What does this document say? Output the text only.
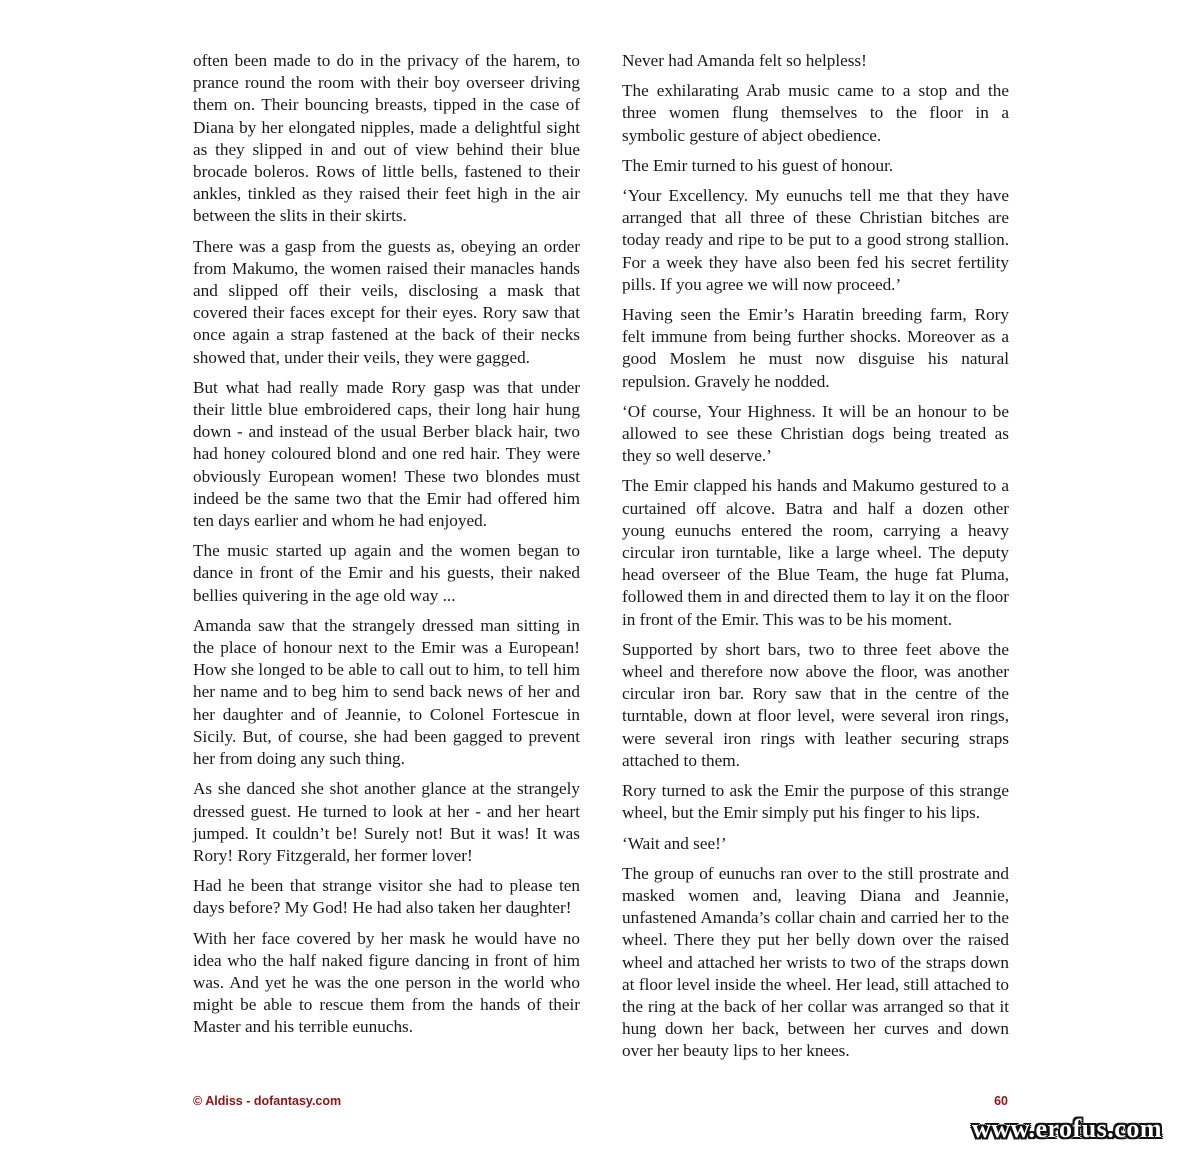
often been made to do in the privacy of the harem, to prance round the room with their boy overseer driving them on. Their bouncing breasts, tipped in the case of Diana by her elongated nipples, made a delightful sight as they slipped in and out of view behind their blue brocade boleros. Rows of little bells, fastened to their ankles, tinkled as they raised their feet high in the air between the slits in their skirts.

There was a gasp from the guests as, obeying an order from Makumo, the women raised their manacles hands and slipped off their veils, disclosing a mask that covered their faces except for their eyes. Rory saw that once again a strap fastened at the back of their necks showed that, under their veils, they were gagged.

But what had really made Rory gasp was that under their little blue embroidered caps, their long hair hung down - and instead of the usual Berber black hair, two had honey coloured blond and one red hair. They were obviously European women! These two blondes must indeed be the same two that the Emir had offered him ten days earlier and whom he had enjoyed.

The music started up again and the women began to dance in front of the Emir and his guests, their naked bellies quivering in the age old way ...

Amanda saw that the strangely dressed man sitting in the place of honour next to the Emir was a European! How she longed to be able to call out to him, to tell him her name and to beg him to send back news of her and her daughter and of Jeannie, to Colonel Fortescue in Sicily. But, of course, she had been gagged to prevent her from doing any such thing.

As she danced she shot another glance at the strangely dressed guest. He turned to look at her - and her heart jumped. It couldn’t be! Surely not! But it was! It was Rory! Rory Fitzgerald, her former lover!

Had he been that strange visitor she had to please ten days before? My God! He had also taken her daughter!

With her face covered by her mask he would have no idea who the half naked figure dancing in front of him was. And yet he was the one person in the world who might be able to rescue them from the hands of their Master and his terrible eunuchs.

Never had Amanda felt so helpless!

The exhilarating Arab music came to a stop and the three women flung themselves to the floor in a symbolic gesture of abject obedience.

The Emir turned to his guest of honour.

‘Your Excellency. My eunuchs tell me that they have arranged that all three of these Christian bitches are today ready and ripe to be put to a good strong stallion. For a week they have also been fed his secret fertility pills. If you agree we will now proceed.’

Having seen the Emir’s Haratin breeding farm, Rory felt immune from being further shocks. Moreover as a good Moslem he must now disguise his natural repulsion. Gravely he nodded.

‘Of course, Your Highness. It will be an honour to be allowed to see these Christian dogs being treated as they so well deserve.’

The Emir clapped his hands and Makumo gestured to a curtained off alcove. Batra and half a dozen other young eunuchs entered the room, carrying a heavy circular iron turntable, like a large wheel. The deputy head overseer of the Blue Team, the huge fat Pluma, followed them in and directed them to lay it on the floor in front of the Emir. This was to be his moment.

Supported by short bars, two to three feet above the wheel and therefore now above the floor, was another circular iron bar. Rory saw that in the centre of the turntable, down at floor level, were several iron rings, were several iron rings with leather securing straps attached to them.

Rory turned to ask the Emir the purpose of this strange wheel, but the Emir simply put his finger to his lips.

‘Wait and see!’

The group of eunuchs ran over to the still prostrate and masked women and, leaving Diana and Jeannie, unfastened Amanda’s collar chain and carried her to the wheel. There they put her belly down over the raised wheel and attached her wrists to two of the straps down at floor level inside the wheel. Her lead, still attached to the ring at the back of her collar was arranged so that it hung down her back, between her curves and down over her beauty lips to her knees.

© Aldiss - dofantasy.com	60
www.erofus.com
